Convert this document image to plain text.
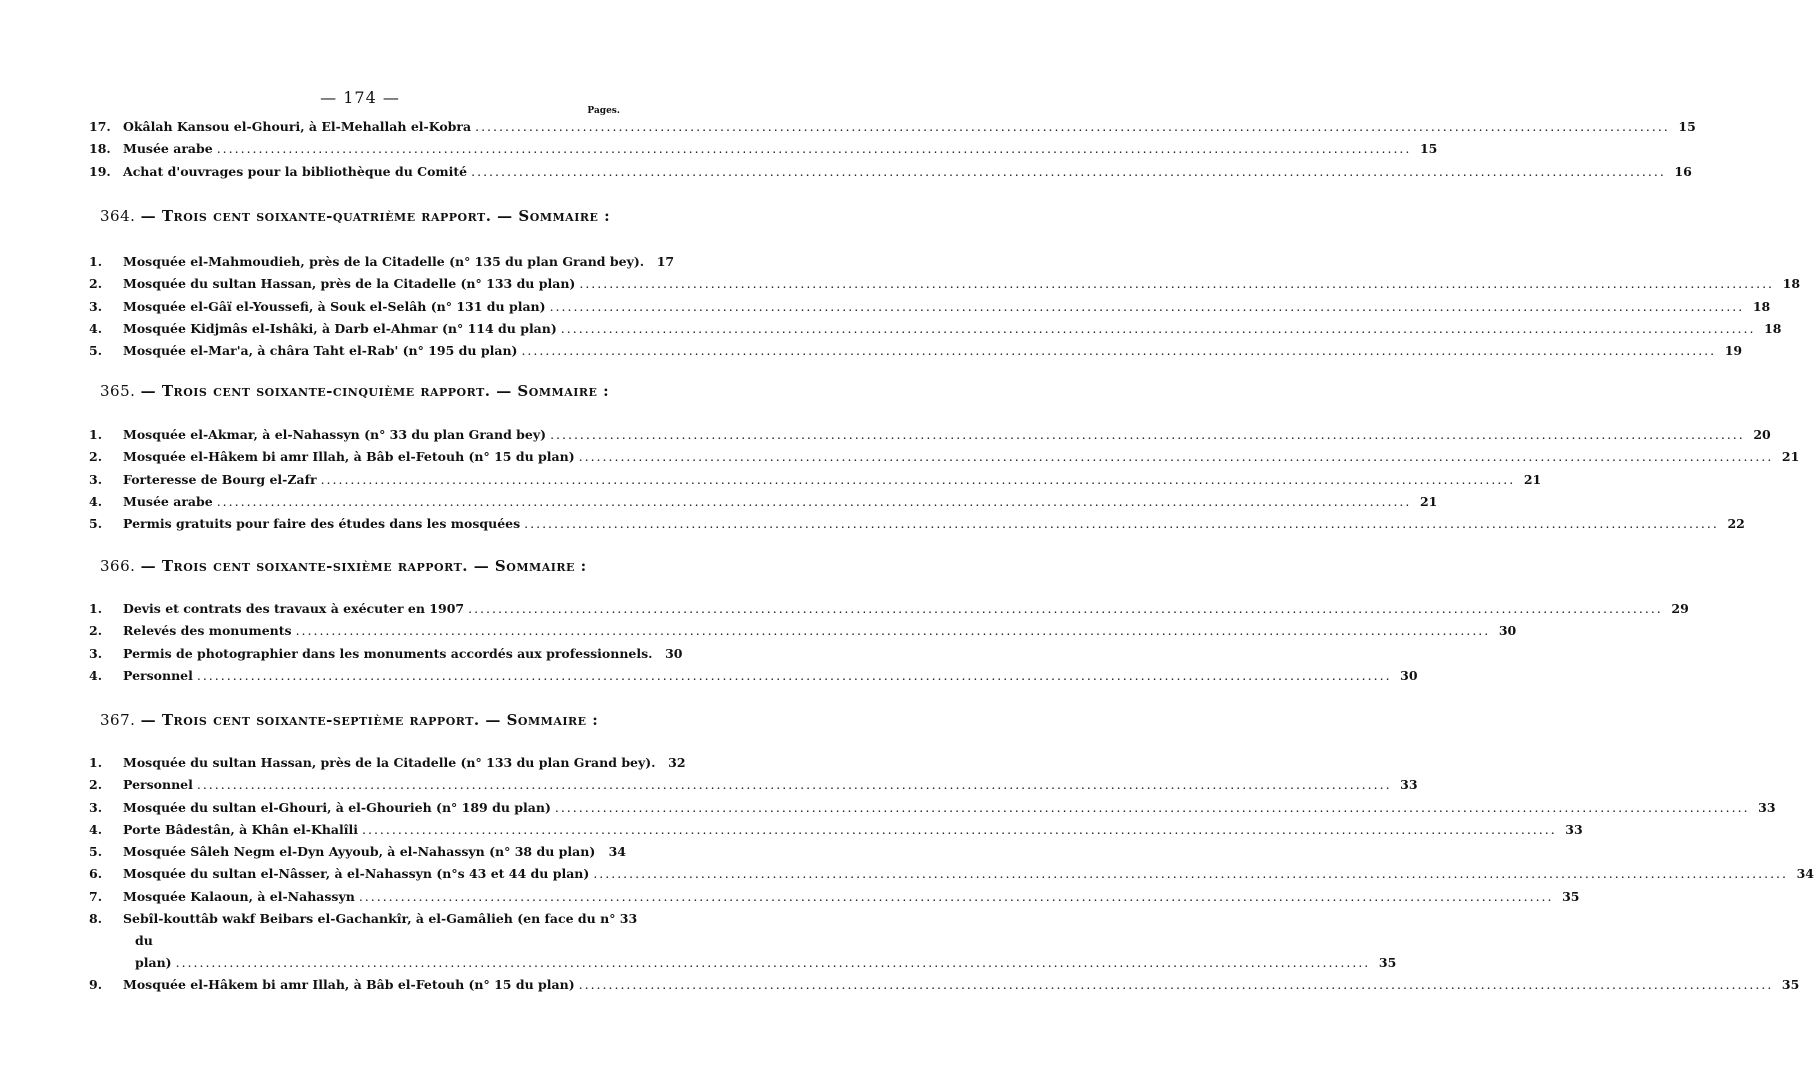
— 174 —
Pages.
17. Okâlah Kansou el-Ghouri, à El-Mehallah el-Kobra ........................................................................................................................................................................................................ 15
18. Musée arabe ........................................................................................................................................................................................................ 15
19. Achat d'ouvrages pour la bibliothèque du Comité ........................................................................................................................................................................................................ 16
364. — Trois cent soixante-quatrième rapport. — Sommaire :
1.	Mosquée el-Mahmoudieh, près de la Citadelle (n° 135 du plan Grand bey).	17
2.	Mosquée du sultan Hassan, près de la Citadelle (n° 133 du plan) ........................................................................................................................................................................................................ 18
3.	Mosquée el-Gâï el-Youssefi, à Souk el-Selâh (n° 131 du plan) ........................................................................................................................................................................................................ 18
4.	Mosquée Kidjmâs el-Ishâki, à Darb el-Ahmar (n° 114 du plan) ........................................................................................................................................................................................................ 18
5.	Mosquée el-Mar'a, à châra Taht el-Rab' (n° 195 du plan) ........................................................................................................................................................................................................ 19
365. — Trois cent soixante-cinquième rapport. — Sommaire :
1.	Mosquée el-Akmar, à el-Nahassyn (n° 33 du plan Grand bey) ........................................................................................................................................................................................................ 20
2.	Mosquée el-Hâkem bi amr Illah, à Bâb el-Fetouh (n° 15 du plan) ........................................................................................................................................................................................................ 21
3.	Forteresse de Bourg el-Zafr ........................................................................................................................................................................................................ 21
4.	Musée arabe ........................................................................................................................................................................................................ 21
5.	Permis gratuits pour faire des études dans les mosquées ........................................................................................................................................................................................................ 22
366. — Trois cent soixante-sixième rapport. — Sommaire :
1.	Devis et contrats des travaux à exécuter en 1907 ........................................................................................................................................................................................................ 29
2.	Relevés des monuments ........................................................................................................................................................................................................ 30
3.	Permis de photographier dans les monuments accordés aux professionnels.	30
4.	Personnel ........................................................................................................................................................................................................ 30
367. — Trois cent soixante-septième rapport. — Sommaire :
1.	Mosquée du sultan Hassan, près de la Citadelle (n° 133 du plan Grand bey).	32
2.	Personnel ........................................................................................................................................................................................................ 33
3.	Mosquée du sultan el-Ghouri, à el-Ghourieh (n° 189 du plan) ........................................................................................................................................................................................................ 33
4.	Porte Bâdestân, à Khân el-Khalîli ........................................................................................................................................................................................................ 33
5.	Mosquée Sâleh Negm el-Dyn Ayyoub, à el-Nahassyn (n° 38 du plan)	34
6.	Mosquée du sultan el-Nâsser, à el-Nahassyn (n°s 43 et 44 du plan) ........................................................................................................................................................................................................ 34
7.	Mosquée Kalaoun, à el-Nahassyn ........................................................................................................................................................................................................ 35
8.	Sebîl-kouttâb wakf Beibars el-Gachankîr, à el-Gamâlieh (en face du n° 33
du plan) ........................................................................................................................................................................................................ 35
9.	Mosquée el-Hâkem bi amr Illah, à Bâb el-Fetouh (n° 15 du plan) ........................................................................................................................................................................................................ 35
